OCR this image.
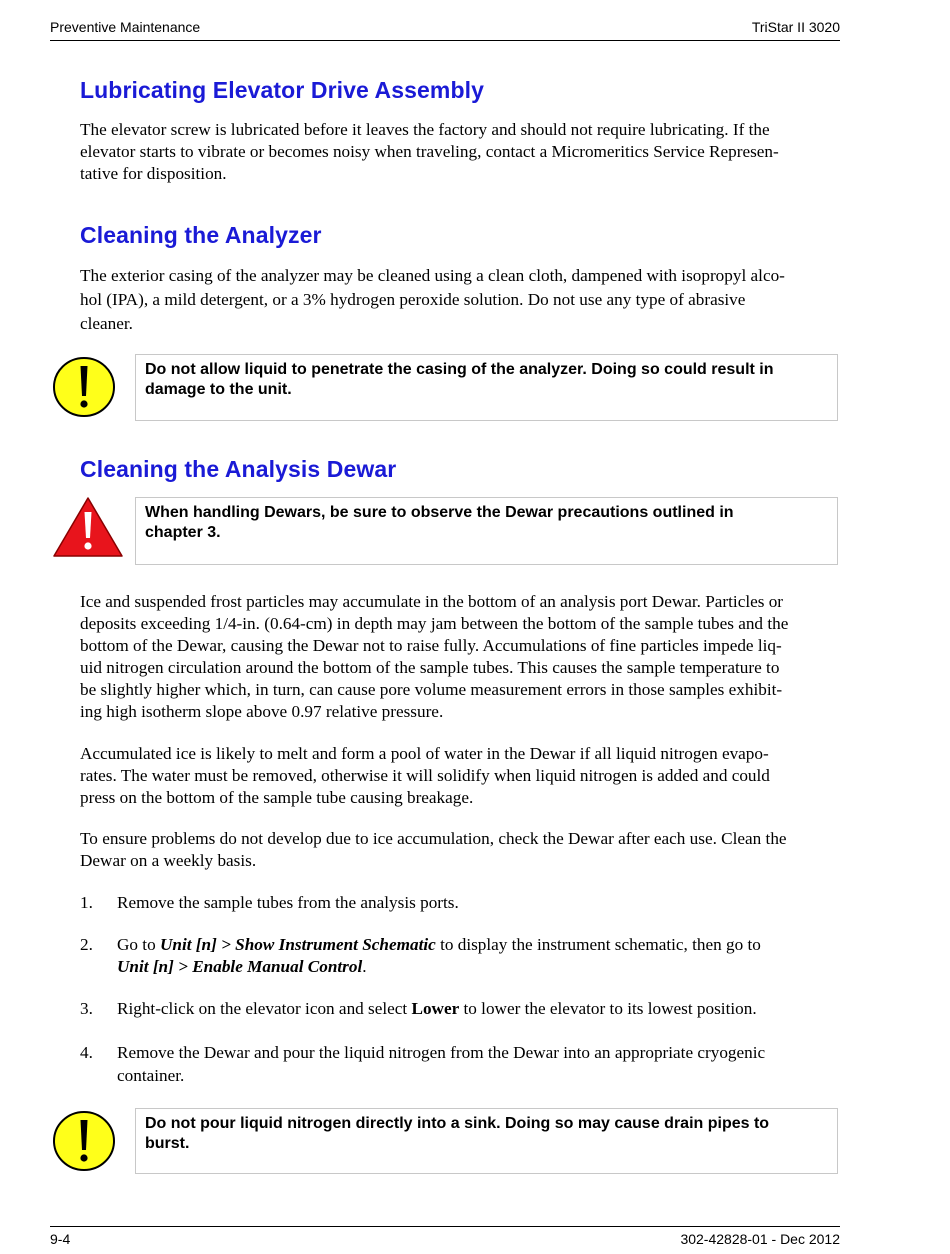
Preventive Maintenance	TriStar II 3020
Lubricating Elevator Drive Assembly

The elevator screw is lubricated before it leaves the factory and should not require lubricating. If the
elevator starts to vibrate or becomes noisy when traveling, contact a Micromeritics Service Represen-
tative for disposition.

Cleaning the Analyzer

The exterior casing of the analyzer may be cleaned using a clean cloth, dampened with isopropyl alco-
hol (IPA), a mild detergent, or a 3% hydrogen peroxide solution. Do not use any type of abrasive
cleaner.

Do not allow liquid to penetrate the casing of the analyzer. Doing so could result in
damage to the unit.
Cleaning the Analysis Dewar
When handling Dewars, be sure to observe the Dewar precautions outlined in
chapter 3.

Ice and suspended frost particles may accumulate in the bottom of an analysis port Dewar. Particles or
deposits exceeding 1/4-in. (0.64-cm) in depth may jam between the bottom of the sample tubes and the
bottom of the Dewar, causing the Dewar not to raise fully. Accumulations of fine particles impede liq-
uid nitrogen circulation around the bottom of the sample tubes. This causes the sample temperature to
be slightly higher which, in turn, can cause pore volume measurement errors in those samples exhibit-
ing high isotherm slope above 0.97 relative pressure.

Accumulated ice is likely to melt and form a pool of water in the Dewar if all liquid nitrogen evapo-
rates. The water must be removed, otherwise it will solidify when liquid nitrogen is added and could
press on the bottom of the sample tube causing breakage.

To ensure problems do not develop due to ice accumulation, check the Dewar after each use. Clean the
Dewar on a weekly basis.

1. Remove the sample tubes from the analysis ports.
2. Go to Unit [n] > Show Instrument Schematic to display the instrument schematic, then go to
Unit [n] > Enable Manual Control.
3. Right-click on the elevator icon and select Lower to lower the elevator to its lowest position.
4. Remove the Dewar and pour the liquid nitrogen from the Dewar into an appropriate cryogenic
container.
Do not pour liquid nitrogen directly into a sink. Doing so may cause drain pipes to
burst.
9-4	302-42828-01 - Dec 2012
